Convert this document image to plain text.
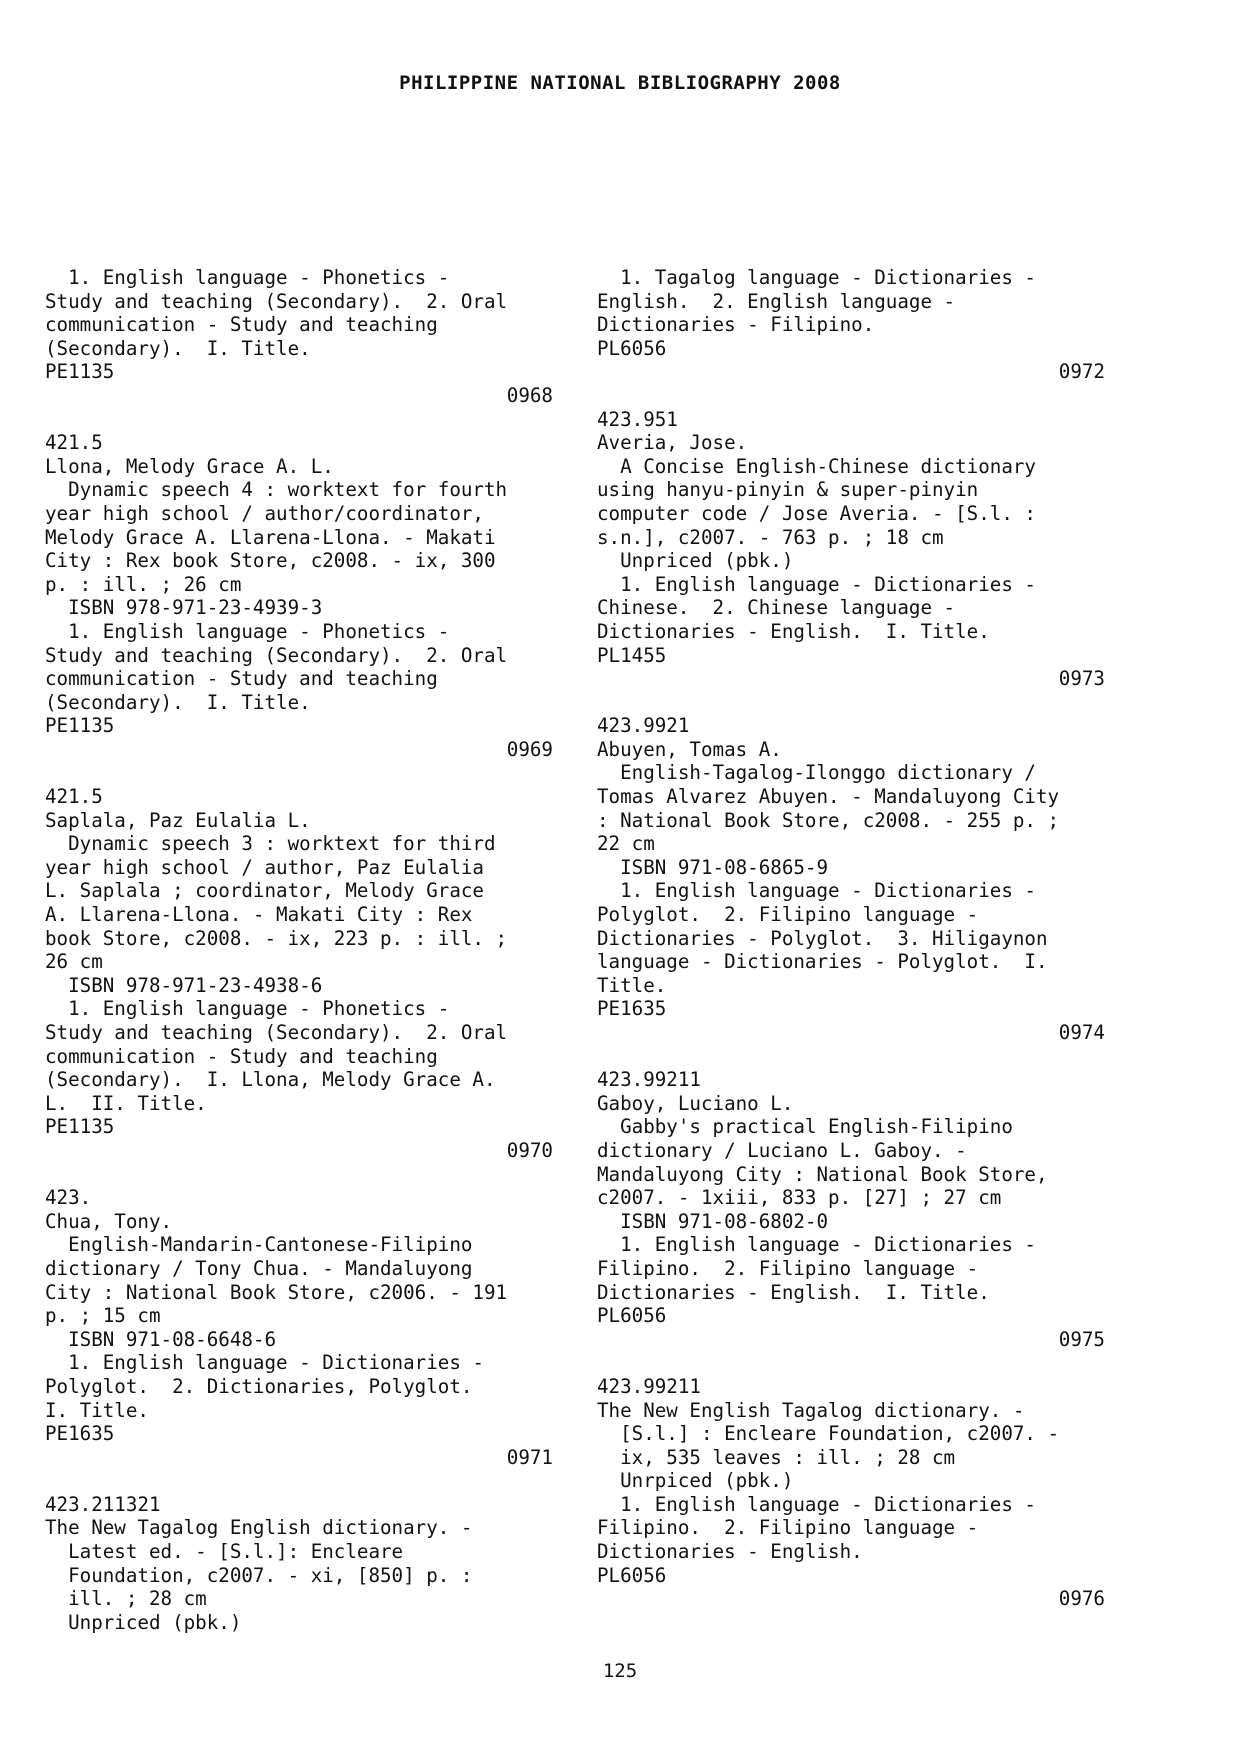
PHILIPPINE NATIONAL BIBLIOGRAPHY 2008
1. English language - Phonetics -
Study and teaching (Secondary).  2. Oral
communication - Study and teaching
(Secondary).  I. Title.
PE1135
0968
421.5
Llona, Melody Grace A. L.
Dynamic speech 4 : worktext for fourth
year high school / author/coordinator,
Melody Grace A. Llarena-Llona. - Makati
City : Rex book Store, c2008. - ix, 300
p. : ill. ; 26 cm
ISBN 978-971-23-4939-3
1. English language - Phonetics -
Study and teaching (Secondary).  2. Oral
communication - Study and teaching
(Secondary).  I. Title.
PE1135
0969
421.5
Saplala, Paz Eulalia L.
Dynamic speech 3 : worktext for third
year high school / author, Paz Eulalia
L. Saplala ; coordinator, Melody Grace
A. Llarena-Llona. - Makati City : Rex
book Store, c2008. - ix, 223 p. : ill. ;
26 cm
ISBN 978-971-23-4938-6
1. English language - Phonetics -
Study and teaching (Secondary).  2. Oral
communication - Study and teaching
(Secondary).  I. Llona, Melody Grace A.
L.  II. Title.
PE1135
0970
423.
Chua, Tony.
English-Mandarin-Cantonese-Filipino
dictionary / Tony Chua. - Mandaluyong
City : National Book Store, c2006. - 191
p. ; 15 cm
ISBN 971-08-6648-6
1. English language - Dictionaries -
Polyglot.  2. Dictionaries, Polyglot.
I. Title.
PE1635
0971
423.211321
The New Tagalog English dictionary. -
Latest ed. - [S.l.]: Encleare
Foundation, c2007. - xi, [850] p. :
ill. ; 28 cm
Unpriced (pbk.)
1. Tagalog language - Dictionaries -
English.  2. English language -
Dictionaries - Filipino.
PL6056
0972
423.951
Averia, Jose.
A Concise English-Chinese dictionary
using hanyu-pinyin & super-pinyin
computer code / Jose Averia. - [S.l. :
s.n.], c2007. - 763 p. ; 18 cm
Unpriced (pbk.)
1. English language - Dictionaries -
Chinese.  2. Chinese language -
Dictionaries - English.  I. Title.
PL1455
0973
423.9921
Abuyen, Tomas A.
English-Tagalog-Ilonggo dictionary /
Tomas Alvarez Abuyen. - Mandaluyong City
: National Book Store, c2008. - 255 p. ;
22 cm
ISBN 971-08-6865-9
1. English language - Dictionaries -
Polyglot.  2. Filipino language -
Dictionaries - Polyglot.  3. Hiligaynon
language - Dictionaries - Polyglot.  I.
Title.
PE1635
0974
423.99211
Gaboy, Luciano L.
Gabby's practical English-Filipino
dictionary / Luciano L. Gaboy. -
Mandaluyong City : National Book Store,
c2007. - 1xiii, 833 p. [27] ; 27 cm
ISBN 971-08-6802-0
1. English language - Dictionaries -
Filipino.  2. Filipino language -
Dictionaries - English.  I. Title.
PL6056
0975
423.99211
The New English Tagalog dictionary. -
[S.l.] : Encleare Foundation, c2007. -
ix, 535 leaves : ill. ; 28 cm
Unrpiced (pbk.)
1. English language - Dictionaries -
Filipino.  2. Filipino language -
Dictionaries - English.
PL6056
0976
125
